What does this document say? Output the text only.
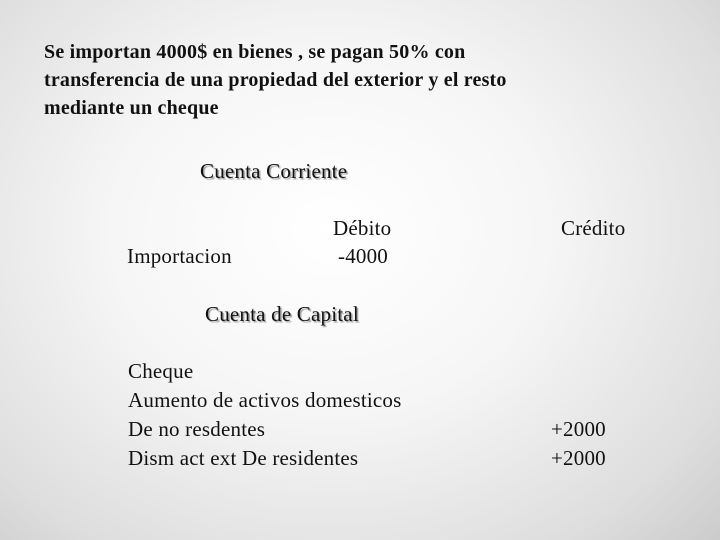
Se importan 4000$ en bienes , se pagan 50% con
transferencia de una propiedad del exterior y el resto
mediante un cheque
Cuenta Corriente
Débito	Crédito
Importacion	-4000
Cuenta de Capital
Cheque
Aumento de activos domesticos
De no resdentes
Dism act ext De residentes
+2000
+2000
